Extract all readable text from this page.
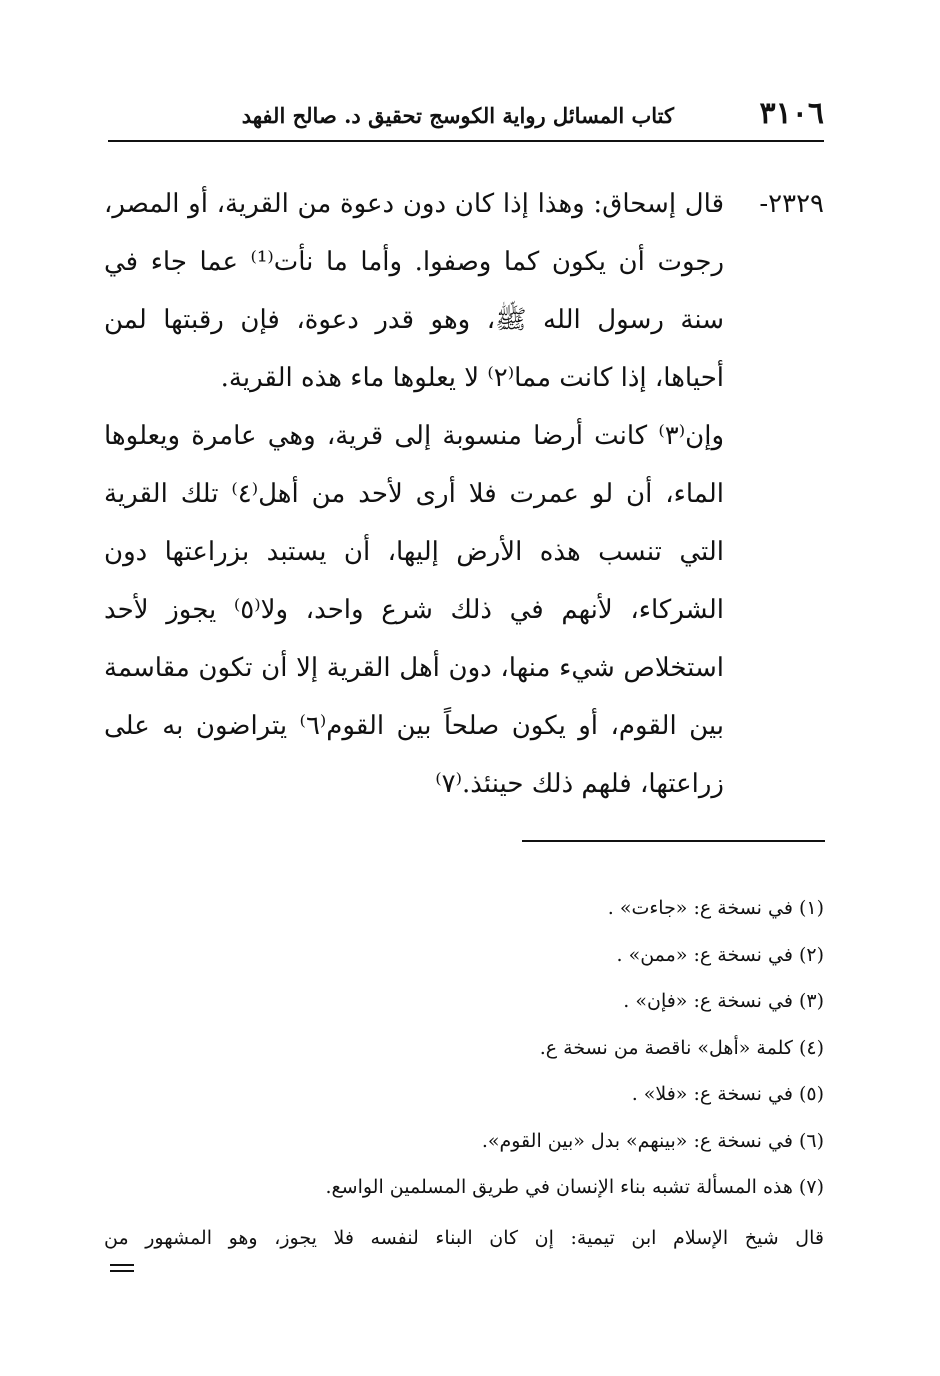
٣١٠٦
كتاب المسائل رواية الكوسج تحقيق د. صالح الفهد

٢٣٢٩-قال إسحاق: وهذا إذا كان دون دعوة من القرية، أو المصر، رجوت أن يكون كما وصفوا. وأما ما نأت⁽¹⁾ عما جاء في سنة رسول الله ﷺ، وهو قدر دعوة، فإن رقبتها لمن أحياها، إذا كانت مما⁽٢⁾ لا يعلوها ماء هذه القرية.

وإن⁽٣⁾ كانت أرضا منسوبة إلى قرية، وهي عامرة ويعلوها الماء، أن لو عمرت فلا أرى لأحد من أهل⁽٤⁾ تلك القرية التي تنسب هذه الأرض إليها، أن يستبد بزراعتها دون الشركاء، لأنهم في ذلك شرع واحد، ولا⁽٥⁾ يجوز لأحد استخلاص شيء منها، دون أهل القرية إلا أن تكون مقاسمة بين القوم، أو يكون صلحاً بين القوم⁽٦⁾ يتراضون به على زراعتها، فلهم ذلك حينئذ.⁽٧⁾

(١) في نسخة ع: «جاءت» .

(٢) في نسخة ع: «ممن» .

(٣) في نسخة ع: «فإن» .

(٤) كلمة «أهل» ناقصة من نسخة ع.

(٥) في نسخة ع: «فلا» .

(٦) في نسخة ع: «بينهم» بدل «بين القوم».

(٧) هذه المسألة تشبه بناء الإنسان في طريق المسلمين الواسع.

قال شيخ الإسلام ابن تيمية: إن كان البناء لنفسه فلا يجوز، وهو المشهور من
